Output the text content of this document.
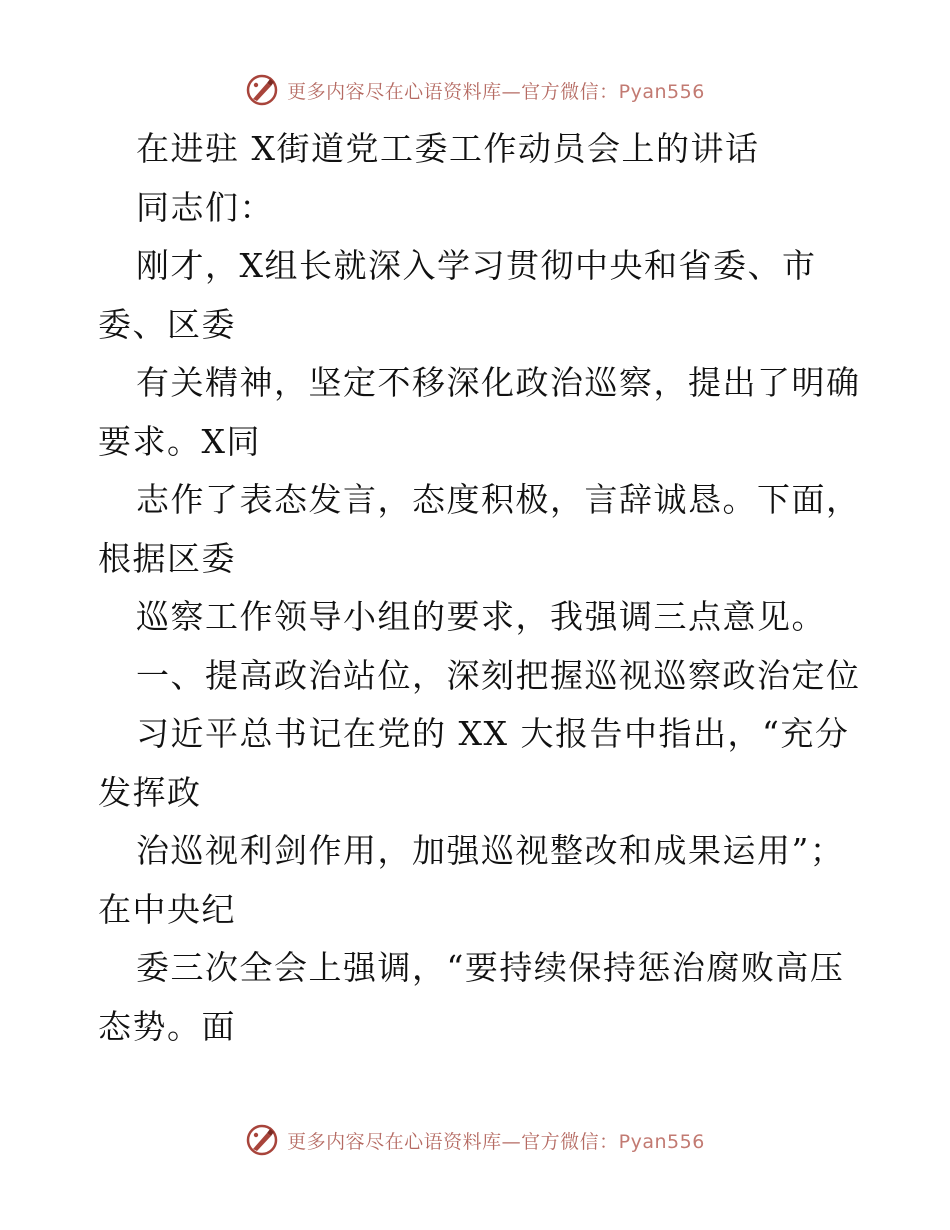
更多内容尽在心语资料库—官方微信：Pyan556
在进驻 X街道党工委工作动员会上的讲话
同志们：
刚才，X组长就深入学习贯彻中央和省委、市
委、区委
有关精神，坚定不移深化政治巡察，提出了明确
要求。X同
志作了表态发言，态度积极，言辞诚恳。下面，
根据区委
巡察工作领导小组的要求，我强调三点意见。
一、提高政治站位，深刻把握巡视巡察政治定位
习近平总书记在党的 XX 大报告中指出，“充分
发挥政
治巡视利剑作用，加强巡视整改和成果运用”；
在中央纪
委三次全会上强调，“要持续保持惩治腐败高压
态势。面
更多内容尽在心语资料库—官方微信：Pyan556
